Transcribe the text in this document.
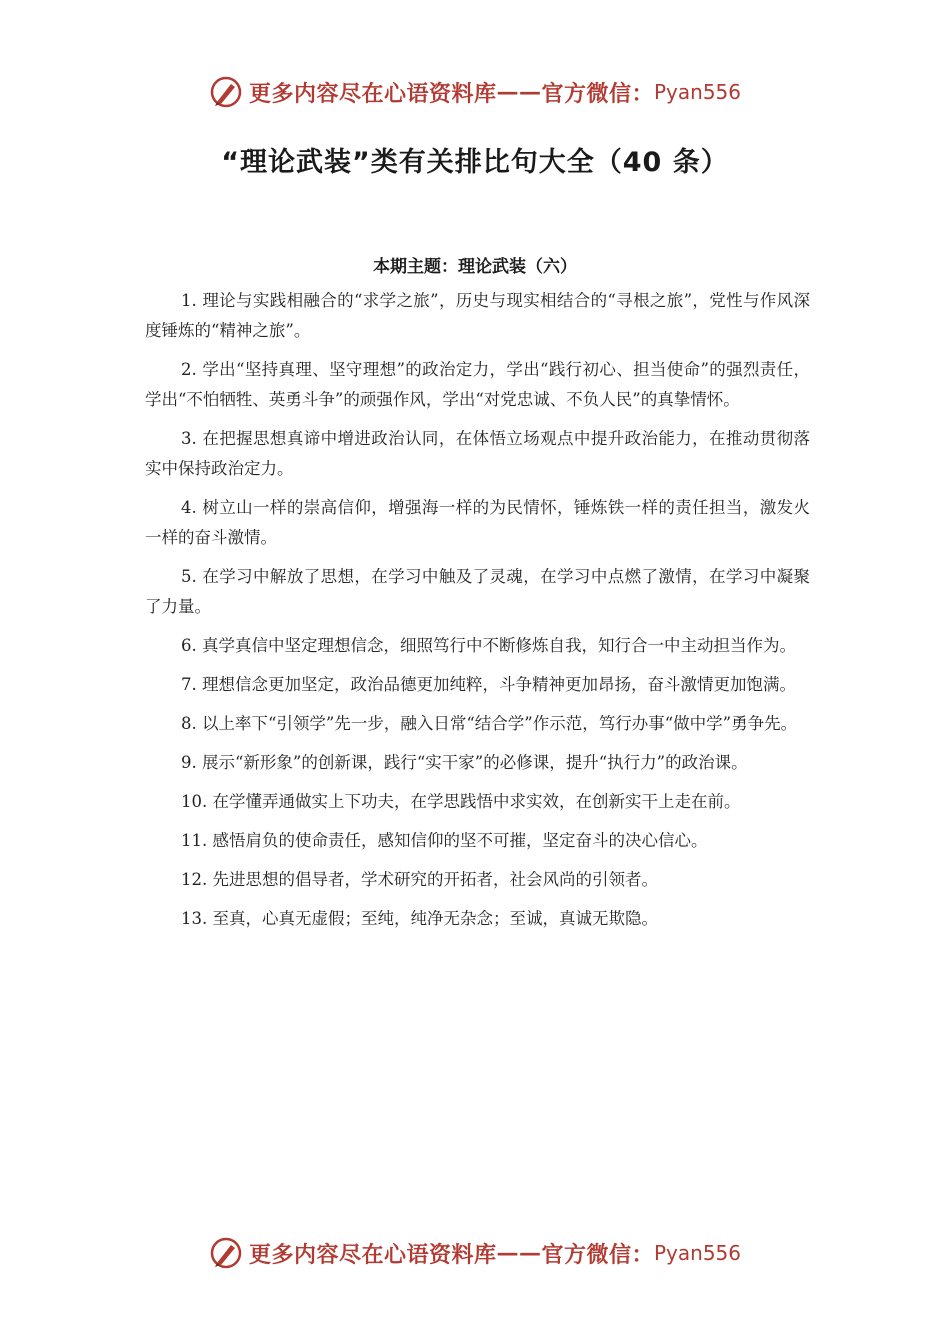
更多内容尽在心语资料库 —— 官方微信： Pyan556
“理论武装”类有关排比句大全（40 条）
本期主题：理论武装（六）

1. 理论与实践相融合的“求学之旅”，历史与现实相结合的“寻根之旅”，党性与作风深度锤炼的“精神之旅”。

2. 学出“坚持真理、坚守理想”的政治定力，学出“践行初心、担当使命”的强烈责任，学出“不怕牺牲、英勇斗争”的顽强作风，学出“对党忠诚、不负人民”的真挚情怀。

3. 在把握思想真谛中增进政治认同，在体悟立场观点中提升政治能力，在推动贯彻落实中保持政治定力。

4. 树立山一样的崇高信仰，增强海一样的为民情怀，锤炼铁一样的责任担当，激发火一样的奋斗激情。

5. 在学习中解放了思想，在学习中触及了灵魂，在学习中点燃了激情，在学习中凝聚了力量。

6. 真学真信中坚定理想信念，细照笃行中不断修炼自我，知行合一中主动担当作为。

7. 理想信念更加坚定，政治品德更加纯粹，斗争精神更加昂扬，奋斗激情更加饱满。

8. 以上率下“引领学”先一步，融入日常“结合学”作示范，笃行办事“做中学”勇争先。

9. 展示“新形象”的创新课，践行“实干家”的必修课，提升“执行力”的政治课。

10. 在学懂弄通做实上下功夫，在学思践悟中求实效，在创新实干上走在前。

11. 感悟肩负的使命责任，感知信仰的坚不可摧，坚定奋斗的决心信心。

12. 先进思想的倡导者，学术研究的开拓者，社会风尚的引领者。

13. 至真，心真无虚假；至纯，纯净无杂念；至诚，真诚无欺隐。

更多内容尽在心语资料库 —— 官方微信： Pyan556
